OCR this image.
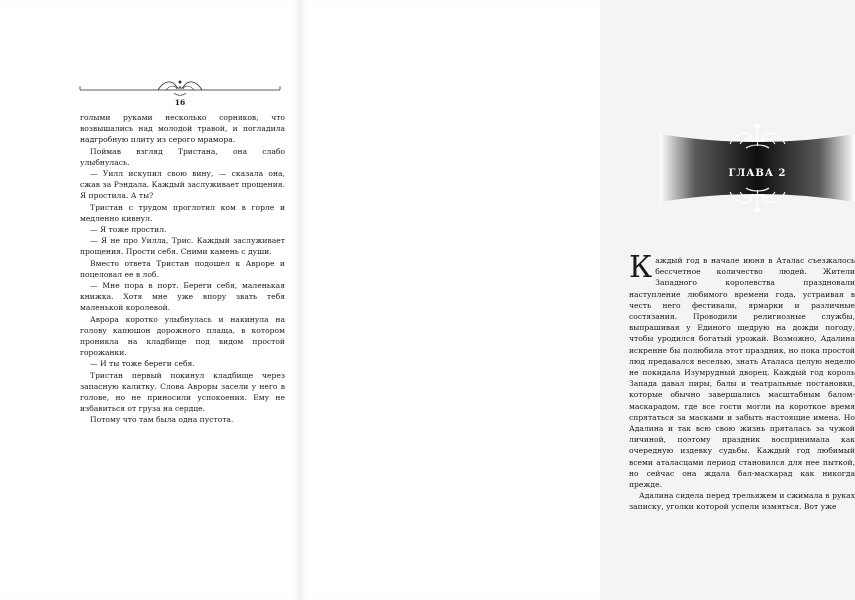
16

голыми руками несколько сорняков, что возвышались над молодой травой, и погладила надгробную плиту из серого мрамора.

Поймав взгляд Тристана, она слабо улыбнулась.

— Уилл искупил свою вину, — сказала она, сжав за Рэндала. Каждый заслуживает прощения. Я простила. А ты?

Тристан с трудом проглотил ком в горле и медленно кивнул.

— Я тоже простил.

— Я не про Уилла, Трис. Каждый заслуживает прощения. Прости себя. Сними камень с души.

Вместо ответа Тристан подошел к Авроре и поцеловал ее в лоб.

— Мне пора в порт. Береги себя, маленькая книжка. Хотя мне уже впору звать тебя маленькой королевой.

Аврора коротко улыбнулась и накинула на голову капюшон дорожного плаща, в котором проникла на кладбище под видом простой горожанки.

— И ты тоже береги себя.

Тристан первый покинул кладбище через запасную калитку. Слова Авроры засели у него в голове, но не приносили успокоения. Ему не избавиться от груза на сердце.

Потому что там была одна пустота.

ГЛАВА 2

Каждый год в начале июня в Аталас съезжалось бессчетное количество людей. Жители Западного королевства праздновали наступление любимого времени года, устраивая в честь него фестивали, ярмарки и различные состязания. Проводили религиозные службы, выпрашивая у Единого щедрую на дожди погоду, чтобы уродился богатый урожай. Возможно, Адалина искренне бы полюбила этот праздник, но пока простой люд предавался веселью, знать Аталаса целую неделю не покидала Изумрудный дворец. Каждый год король Запада давал пиры, балы и театральные постановки, которые обычно завершались масштабным балом-маскарадом, где все гости могли на короткое время спрятаться за масками и забыть настоящие имена. Но Адалина и так всю свою жизнь пряталась за чужой личиной, поэтому праздник воспринимала как очередную издевку судьбы. Каждый год любимый всеми аталасцами период становился для нее пыткой, но сейчас она ждала бал-маскарад как никогда прежде.

Адалина сидела перед трельяжем и сжимала в руках записку, уголки которой успели измяться. Вот уже
